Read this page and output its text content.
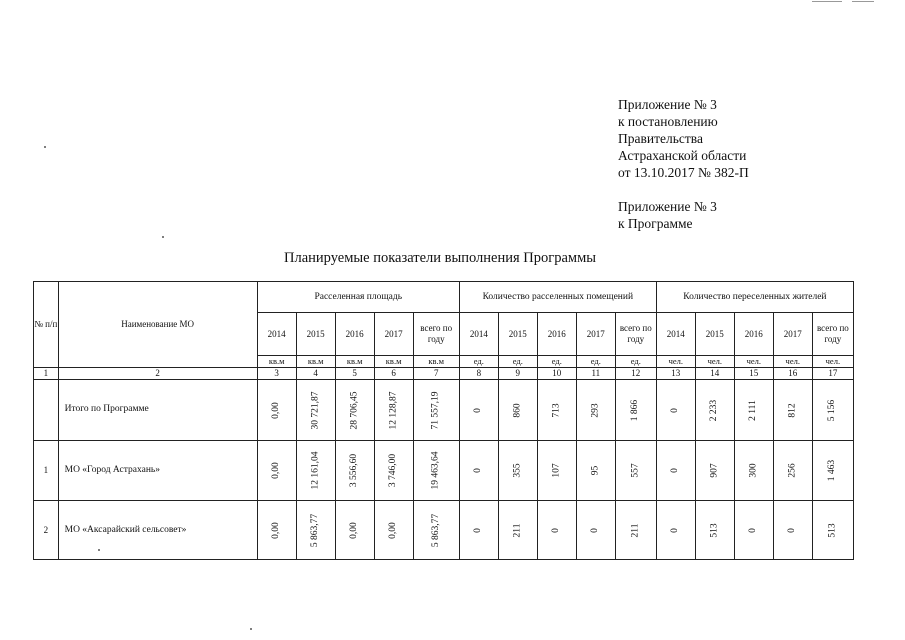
Приложение № 3
к постановлению
Правительства
Астраханской области
от 13.10.2017 № 382-П
Приложение № 3
к Программе
Планируемые показатели выполнения Программы
№ п/п	Наименование МО	Расселенная площадь					Количество расселенных помещений					Количество переселенных жителей				
		2014	2015	2016	2017	всего по году	2014	2015	2016	2017	всего по году	2014	2015	2016	2017	всего по году
		кв.м	кв.м	кв.м	кв.м	кв.м	ед.	ед.	ед.	ед.	ед.	чел.	чел.	чел.	чел.	чел.
1	2	3	4	5	6	7	8	9	10	11	12	13	14	15	16	17
	Итого по Программе	0,00	30 721,87	28 706,45	12 128,87	71 557,19	0	860	713	293	1 866	0	2 233	2 111	812	5 156
1	МО «Город Астрахань»	0,00	12 161,04	3 556,60	3 746,00	19 463,64	0	355	107	95	557	0	907	300	256	1 463
2	МО «Аксарайский сельсовет»	0,00	5 863,77	0,00	0,00	5 863,77	0	211	0	0	211	0	513	0	0	513
